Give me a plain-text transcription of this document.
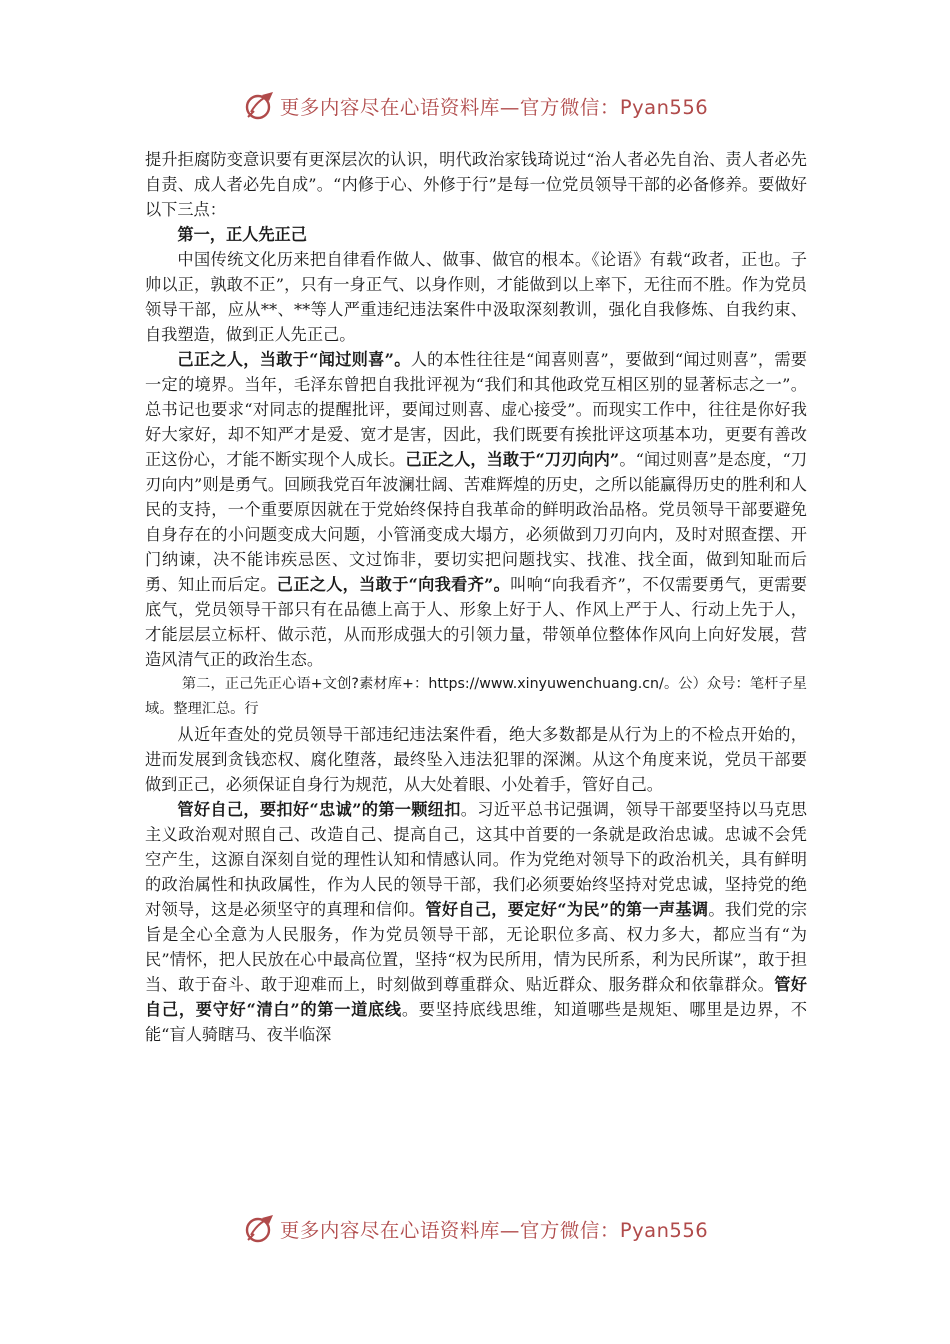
更多内容尽在心语资料库—官方微信：Pyan556

提升拒腐防变意识要有更深层次的认识，明代政治家钱琦说过“治人者必先自治、责人者必先自责、成人者必先自成”。“内修于心、外修于行”是每一位党员领导干部的必备修养。要做好以下三点：

第一，正人先正己

中国传统文化历来把自律看作做人、做事、做官的根本。《论语》有载“政者，正也。子帅以正，孰敢不正”，只有一身正气、以身作则，才能做到以上率下，无往而不胜。作为党员领导干部，应从**、**等人严重违纪违法案件中汲取深刻教训，强化自我修炼、自我约束、自我塑造，做到正人先正己。

己正之人，当敢于“闻过则喜”。人的本性往往是“闻喜则喜”，要做到“闻过则喜”，需要一定的境界。当年，毛泽东曾把自我批评视为“我们和其他政党互相区别的显著标志之一”。总书记也要求“对同志的提醒批评，要闻过则喜、虚心接受”。而现实工作中，往往是你好我好大家好，却不知严才是爱、宽才是害，因此，我们既要有挨批评这项基本功，更要有善改正这份心，才能不断实现个人成长。己正之人，当敢于“刀刃向内”。“闻过则喜”是态度，“刀刃向内”则是勇气。回顾我党百年波澜壮阔、苦难辉煌的历史，之所以能赢得历史的胜利和人民的支持，一个重要原因就在于党始终保持自我革命的鲜明政治品格。党员领导干部要避免自身存在的小问题变成大问题，小管涌变成大塌方，必须做到刀刃向内，及时对照查摆、开门纳谏，决不能讳疾忌医、文过饰非，要切实把问题找实、找准、找全面，做到知耻而后勇、知止而后定。己正之人，当敢于“向我看齐”。叫响“向我看齐”，不仅需要勇气，更需要底气，党员领导干部只有在品德上高于人、形象上好于人、作风上严于人、行动上先于人，才能层层立标杆、做示范，从而形成强大的引领力量，带领单位整体作风向上向好发展，营造风清气正的政治生态。

第二，正己先正心语+文创?素材库+：https://www.xinyuwenchuang.cn/。公）众号：笔杆子星域。整理汇总。行

从近年查处的党员领导干部违纪违法案件看，绝大多数都是从行为上的不检点开始的，进而发展到贪钱恋权、腐化堕落，最终坠入违法犯罪的深渊。从这个角度来说，党员干部要做到正己，必须保证自身行为规范，从大处着眼、小处着手，管好自己。

管好自己，要扣好“忠诚”的第一颗纽扣。习近平总书记强调，领导干部要坚持以马克思主义政治观对照自己、改造自己、提高自己，这其中首要的一条就是政治忠诚。忠诚不会凭空产生，这源自深刻自觉的理性认知和情感认同。作为党绝对领导下的政治机关，具有鲜明的政治属性和执政属性，作为人民的领导干部，我们必须要始终坚持对党忠诚，坚持党的绝对领导，这是必须坚守的真理和信仰。管好自己，要定好“为民”的第一声基调。我们党的宗旨是全心全意为人民服务，作为党员领导干部，无论职位多高、权力多大，都应当有“为民”情怀，把人民放在心中最高位置，坚持“权为民所用，情为民所系，利为民所谋”，敢于担当、敢于奋斗、敢于迎难而上，时刻做到尊重群众、贴近群众、服务群众和依靠群众。管好自己，要守好“清白”的第一道底线。要坚持底线思维，知道哪些是规矩、哪里是边界，不能“盲人骑瞎马、夜半临深

更多内容尽在心语资料库—官方微信：Pyan556
